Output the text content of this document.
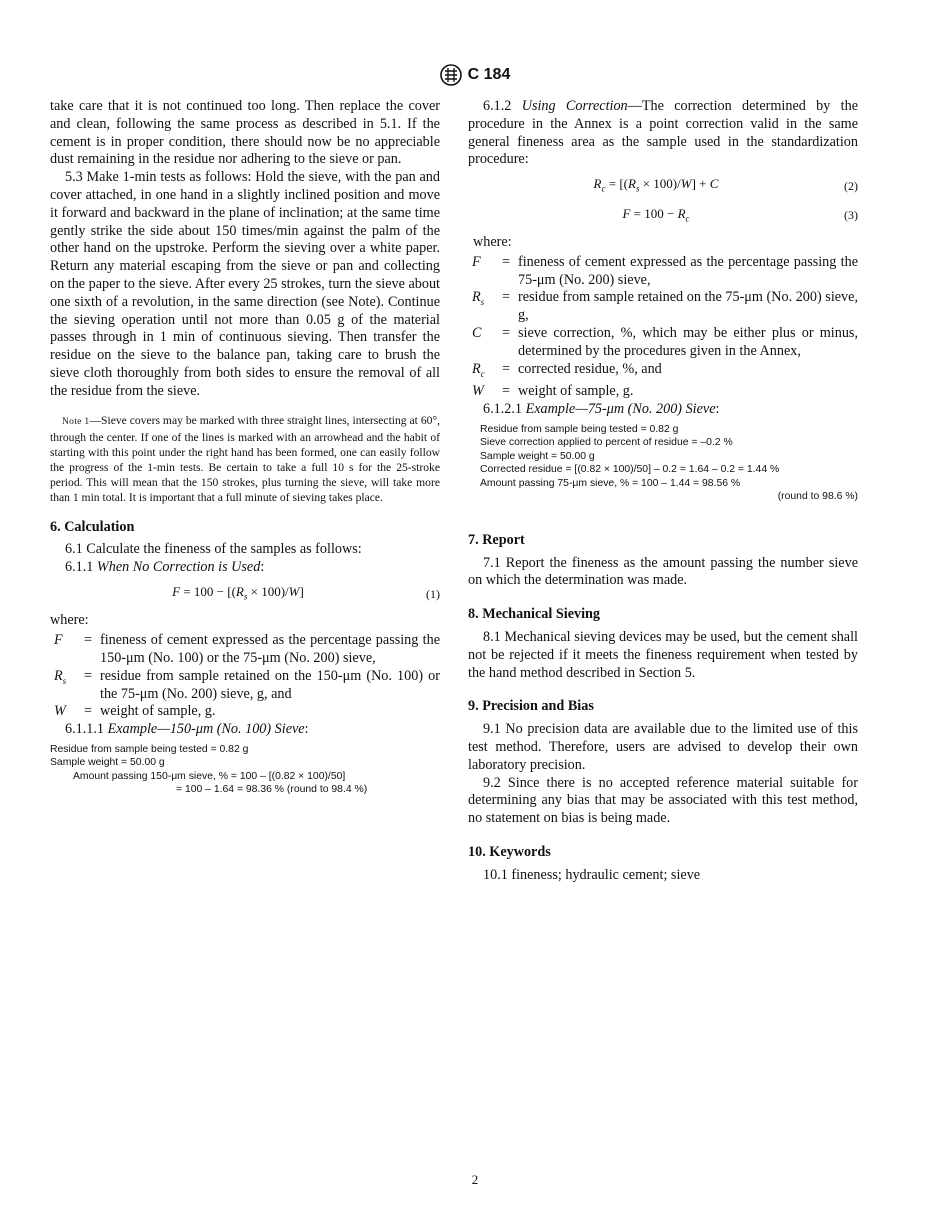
C 184

take care that it is not continued too long. Then replace the cover and clean, following the same process as described in 5.1. If the cement is in proper condition, there should now be no appreciable dust remaining in the residue nor adhering to the sieve or pan.

5.3 Make 1-min tests as follows: Hold the sieve, with the pan and cover attached, in one hand in a slightly inclined position and move it forward and backward in the plane of inclination; at the same time gently strike the side about 150 times/min against the palm of the other hand on the upstroke. Perform the sieving over a white paper. Return any material escaping from the sieve or pan and collecting on the paper to the sieve. After every 25 strokes, turn the sieve about one sixth of a revolution, in the same direction (see Note). Continue the sieving operation until not more than 0.05 g of the material passes through in 1 min of continuous sieving. Then transfer the residue on the sieve to the balance pan, taking care to brush the sieve cloth thoroughly from both sides to ensure the removal of all the residue from the sieve.

Note 1—Sieve covers may be marked with three straight lines, intersecting at 60°, through the center. If one of the lines is marked with an arrowhead and the habit of starting with this point under the right hand has been formed, one can easily follow the progress of the 1-min tests. Be certain to take a full 10 s for the 25-stroke period. This will mean that the 150 strokes, plus turning the sieve, will take more than 1 min total. It is important that a full minute of sieving takes place.

6. Calculation

6.1 Calculate the fineness of the samples as follows:

6.1.1 When No Correction is Used:

$F = 100 - [(R_s \times 100)/W]$	(1)

where:

F	= fineness of cement expressed as the percentage passing the 150-μm (No. 100) or the 75-μm (No. 200) sieve,
$R_s$	= residue from sample retained on the 150-μm (No. 100) or the 75-μm (No. 200) sieve, g, and
W	= weight of sample, g.

6.1.1.1 Example—150-μm (No. 100) Sieve:

Residue from sample being tested = 0.82 g
Sample weight = 50.00 g
Amount passing 150-μm sieve, % = 100 – [(0.82 × 100)/50]
= 100 – 1.64 = 98.36 % (round to 98.4 %)

6.1.2 Using Correction—The correction determined by the procedure in the Annex is a point correction valid in the same general fineness area as the sample used in the standardization procedure:

$R_c = [(R_s \times 100)/W] + C$	(2)
$F = 100 - R_c$	(3)

where:

F	= fineness of cement expressed as the percentage passing the 75-μm (No. 200) sieve,
$R_s$	= residue from sample retained on the 75-μm (No. 200) sieve, g,
C	= sieve correction, %, which may be either plus or minus, determined by the procedures given in the Annex,
$R_c$	= corrected residue, %, and
W	= weight of sample, g.

6.1.2.1 Example—75-μm (No. 200) Sieve:

Residue from sample being tested = 0.82 g
Sieve correction applied to percent of residue = –0.2 %
Sample weight = 50.00 g
Corrected residue = [(0.82 × 100)/50] – 0.2 = 1.64 – 0.2 = 1.44 %
Amount passing 75-μm sieve, % = 100 – 1.44 = 98.56 %
(round to 98.6 %)
7. Report

7.1 Report the fineness as the amount passing the number sieve on which the determination was made.

8. Mechanical Sieving

8.1 Mechanical sieving devices may be used, but the cement shall not be rejected if it meets the fineness requirement when tested by the hand method described in Section 5.

9. Precision and Bias

9.1 No precision data are available due to the limited use of this test method. Therefore, users are advised to develop their own laboratory precision.

9.2 Since there is no accepted reference material suitable for determining any bias that may be associated with this test method, no statement on bias is being made.

10. Keywords

10.1 fineness; hydraulic cement; sieve

2
